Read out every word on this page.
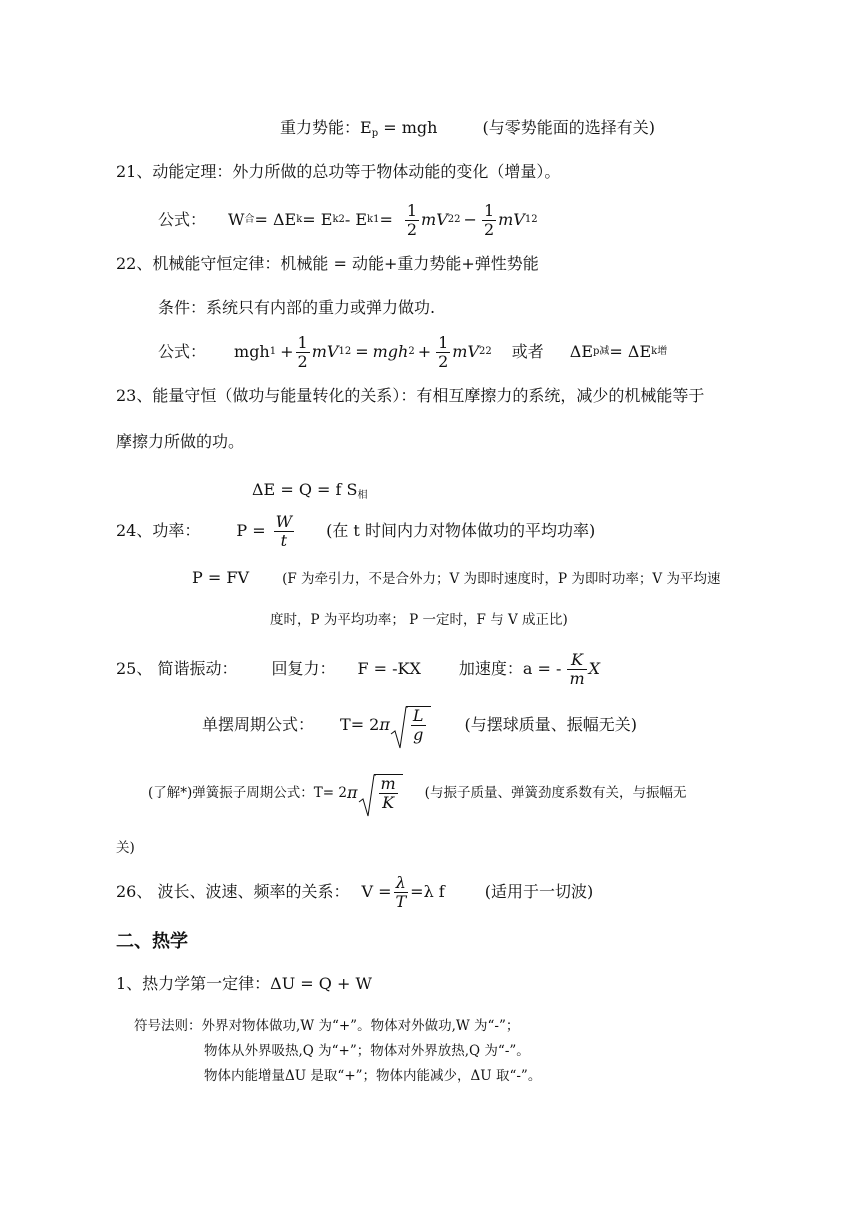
重力势能：$E_p$ = mgh	(与零势能面的选择有关)
21、动能定理：外力所做的总功等于物体动能的变化（增量）。
公式： W 合 = ΔE k = E k2 - E $k1 = \frac{1}{2}$ m V 2 $2 - \frac{1}{2}$ m V 1 2
22、机械能守恒定律：机械能 = 动能+重力势能+弹性势能
条件：系统只有内部的重力或弹力做功.
公式： mgh $1 + \frac{1}{2}$ m V 1 2 = mgh $2 + \frac{1}{2}$ m V 2 2 或者 ΔE p减 = ΔE k增
23、能量守恒（做功与能量转化的关系）：有相互摩擦力的系统，减少的机械能等于
摩擦力所做的功。
ΔE = Q = f $S_相$
24、功率： $P = \frac{W}{t}$ (在 t 时间内力对物体做功的平均功率)
P = FV (F 为牵引力，不是合外力；V 为即时速度时，P 为即时功率；V 为平均速
度时，P 为平均功率； P 一定时，F 与 V 成正比)
25、 简谐振动： 回复力： F = -KX 加速度：a = - $\frac{K}{m}$ X
单摆周期公式： T= 2 π $\frac{L}{g}$ (与摆球质量、振幅无关)
(了解*)弹簧振子周期公式：T= 2 π $\frac{m}{K}$ (与振子质量、弹簧劲度系数有关，与振幅无
关)
26、 波长、波速、频率的关系： $V = \frac{\lambda}{T} =\lambda$ f	(适用于一切波)
二、热学
1、热力学第一定律：ΔU = Q + W
符号法则：外界对物体做功,W 为“+”。物体对外做功,W 为“-”；
物体从外界吸热,Q 为“+”；物体对外界放热,Q 为“-”。
物体内能增量ΔU 是取“+”；物体内能减少，ΔU 取“-”。
